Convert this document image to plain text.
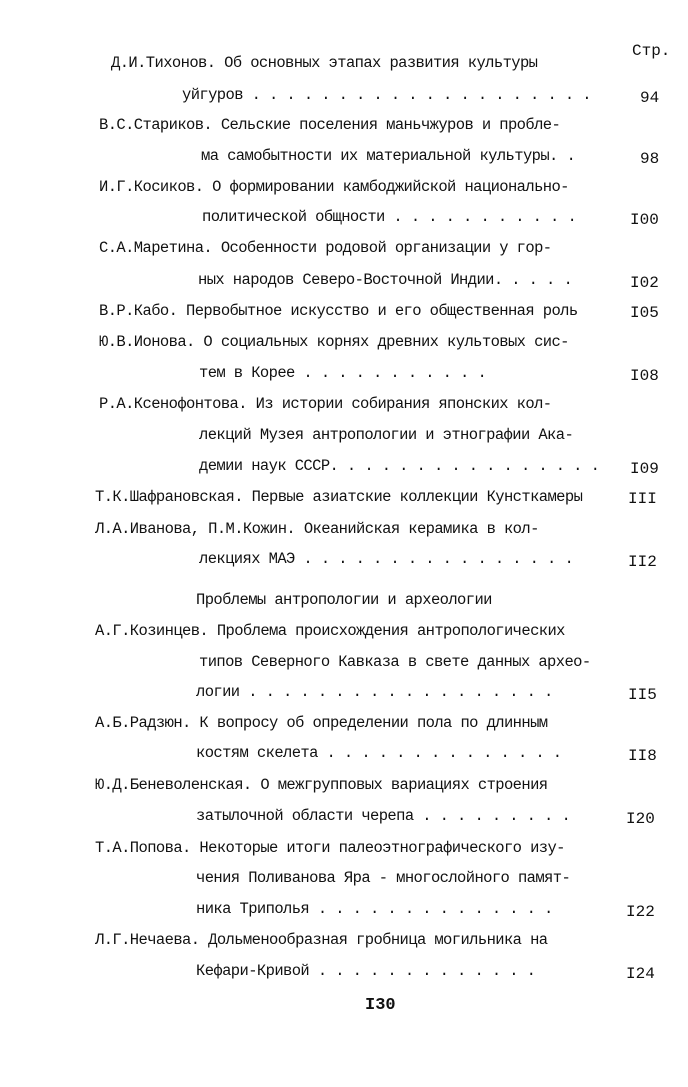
Стр.
Д.И.Тихонов. Об основных этапах развития культуры
уйгуров . . . . . . . . . . . . . . . . . . . .	94
В.С.Стариков. Сельские поселения маньчжуров и пробле-
ма самобытности их материальной культуры. .	98
И.Г.Косиков. О формировании камбоджийской национально-
политической общности . . . . . . . . . . .	I00
С.А.Маретина. Особенности родовой организации у гор-
ных народов Северо-Восточной Индии. . . . .	I02
В.Р.Кабо. Первобытное искусство и его общественная роль	I05
Ю.В.Ионова. О социальных корнях древних культовых сис-
тем в Корее . . . . . . . . . . .	I08
Р.А.Ксенофонтова. Из истории собирания японских кол-
лекций Музея антропологии и этнографии Ака-
демии наук СССР. . . . . . . . . . . . . . . . I09
Т.К.Шафрановская. Первые азиатские коллекции Кунсткамеры	III
Л.А.Иванова, П.М.Кожин. Океанийская керамика в кол-
лекциях МАЭ . . . . . . . . . . . . . . . .	II2
Проблемы антропологии и археологии
А.Г.Козинцев. Проблема происхождения антропологических
типов Северного Кавказа в свете данных археo-
логии . . . . . . . . . . . . . . . . . .	II5
А.Б.Радзюн. К вопросу об определении пола по длинным
костям скелета . . . . . . . . . . . . . .	II8
Ю.Д.Беневоленская. О межгрупповых вариациях строения
затылочной области черепа . . . . . . . . .	I20
Т.А.Попова. Некоторые итоги палеоэтнографического изу-
чения Поливанова Яра - многослойного памят-
ника Триполья . . . . . . . . . . . . . .	I22
Л.Г.Нечаева. Дольменообразная гробница могильника на
Кефари-Кривой . . . . . . . . . . . . .	I24
I30
